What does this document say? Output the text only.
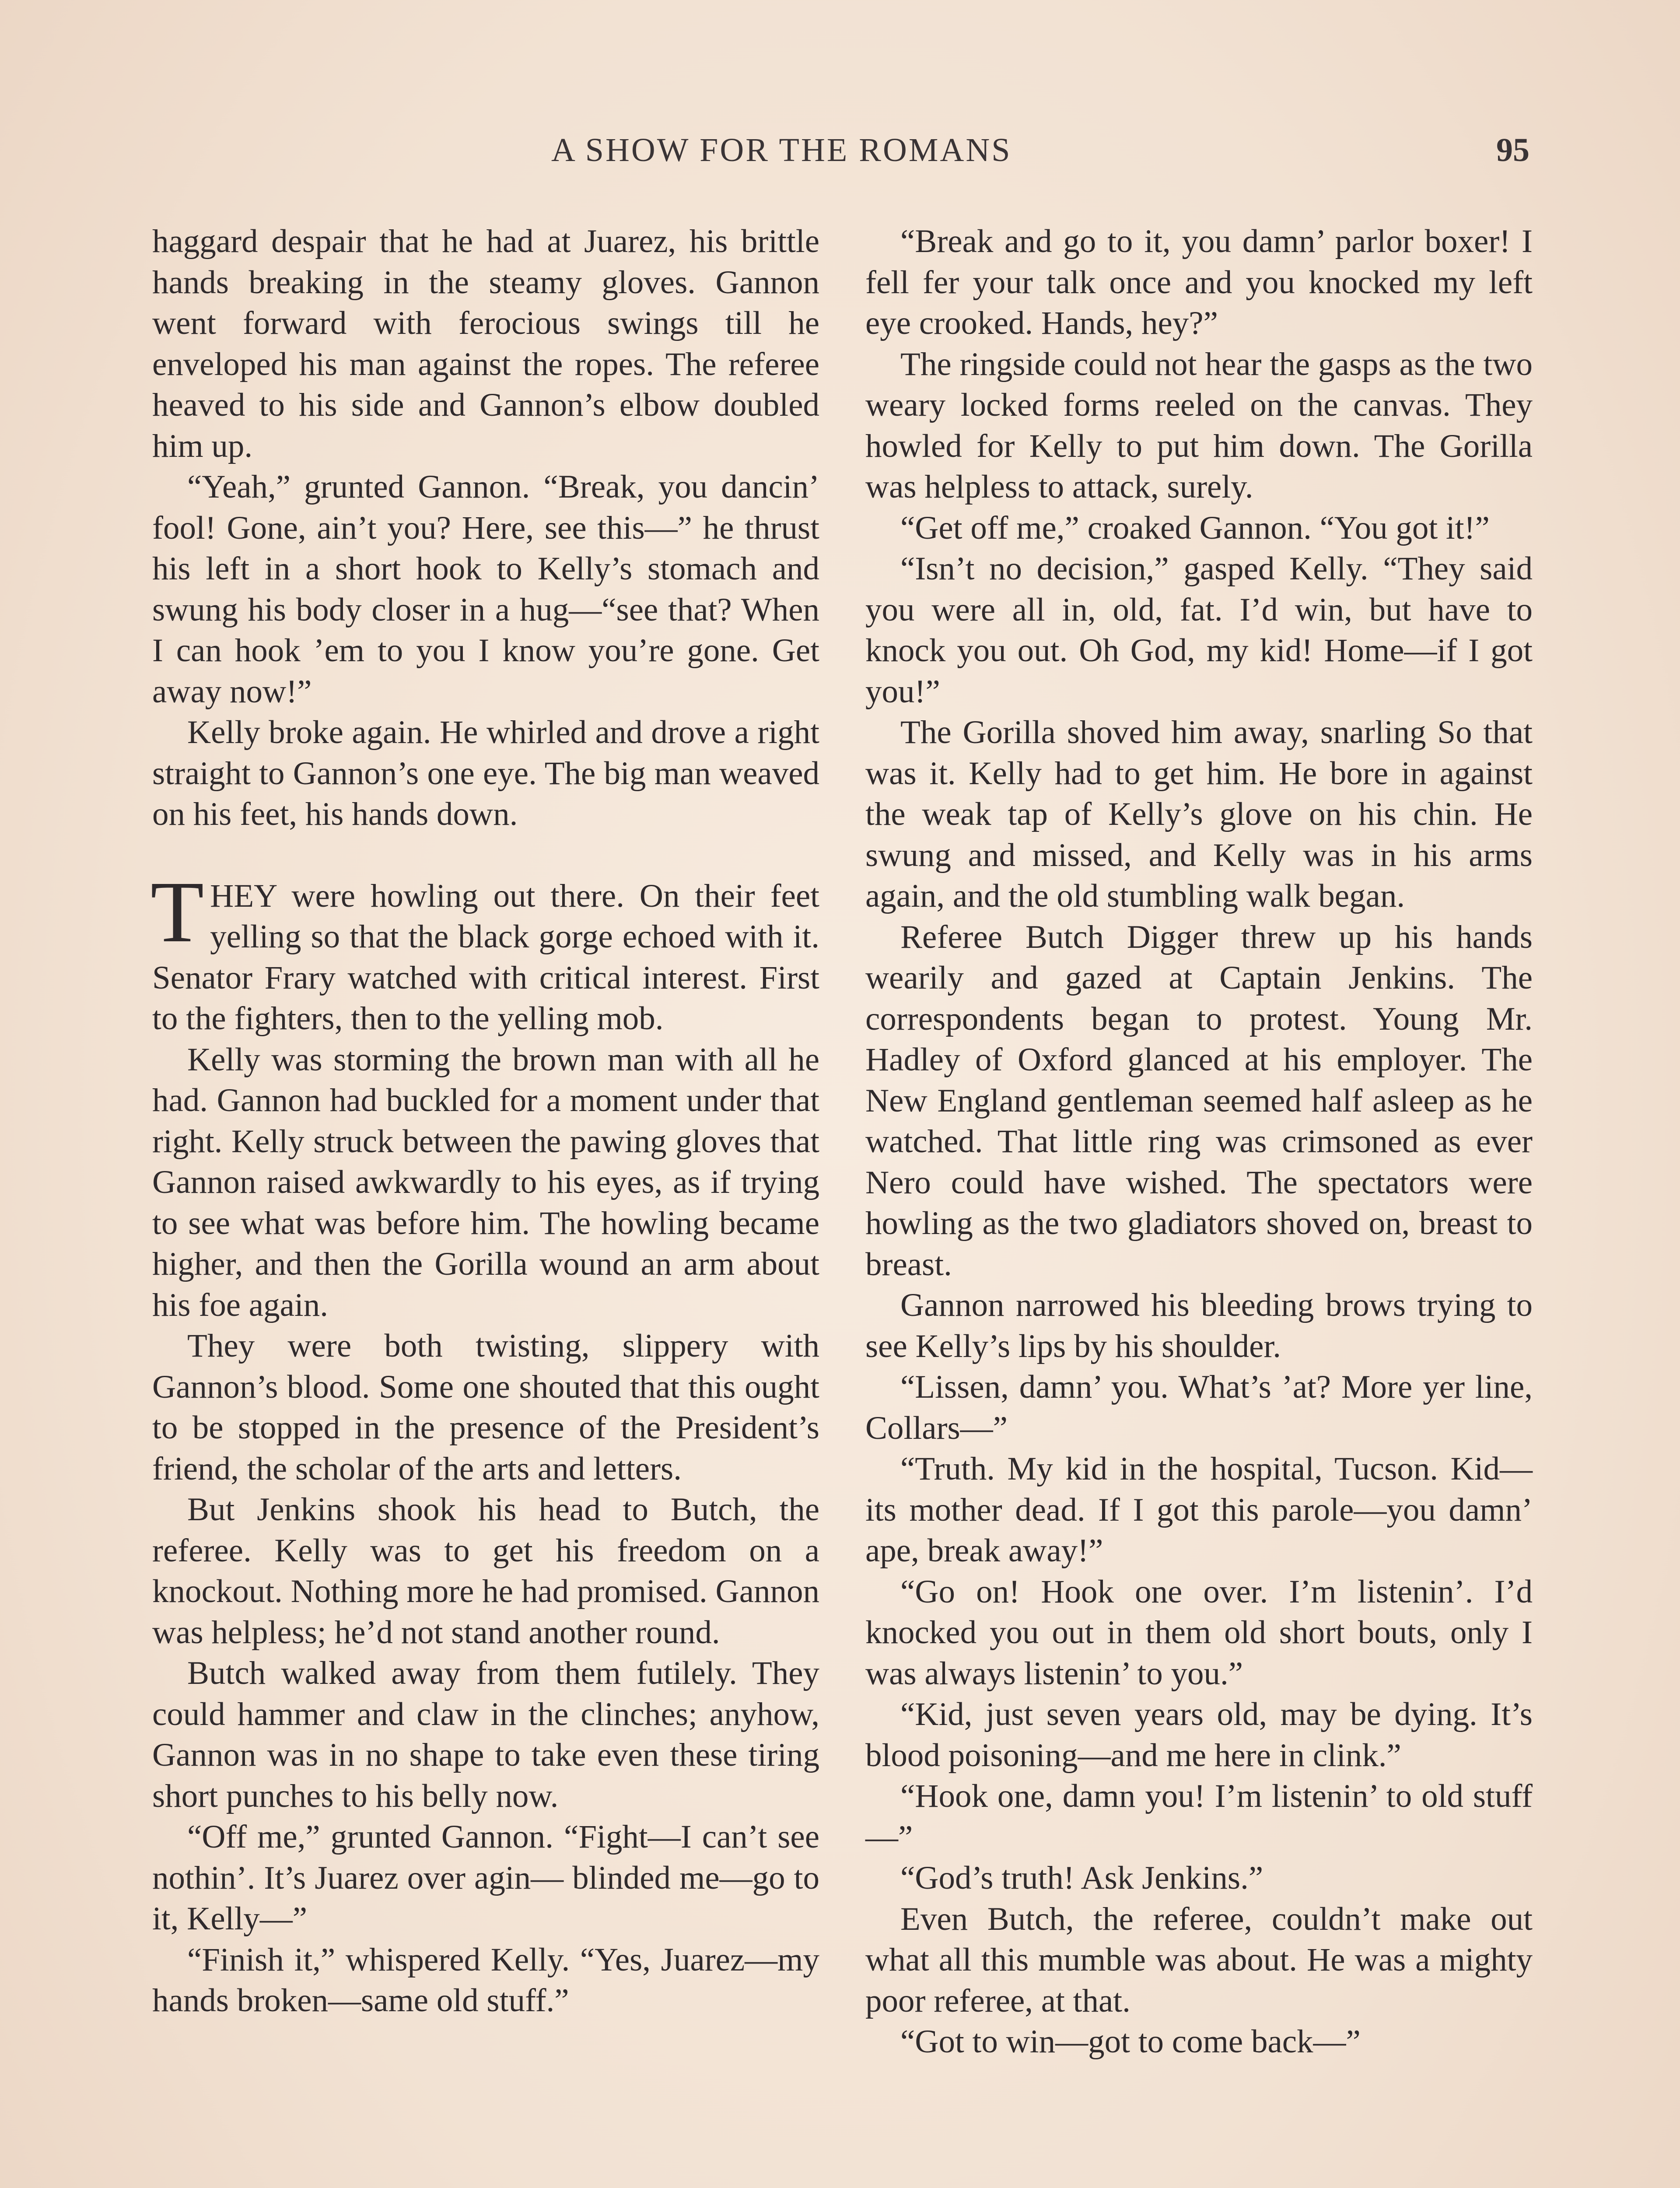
A SHOW FOR THE ROMANS	95

haggard despair that he had at Juarez, his brittle hands breaking in the steamy gloves. Gannon went forward with ferocious swings till he enveloped his man against the ropes. The referee heaved to his side and Gannon’s elbow doubled him up.

“Yeah,” grunted Gannon. “Break, you dancin’ fool! Gone, ain’t you? Here, see this—” he thrust his left in a short hook to Kelly’s stomach and swung his body closer in a hug—“see that? When I can hook ’em to you I know you’re gone. Get away now!”

Kelly broke again. He whirled and drove a right straight to Gannon’s one eye. The big man weaved on his feet, his hands down.

THEY were howling out there. On their feet yelling so that the black gorge echoed with it. Senator Frary watched with critical interest. First to the fighters, then to the yelling mob.

Kelly was storming the brown man with all he had. Gannon had buckled for a moment under that right. Kelly struck between the pawing gloves that Gannon raised awkwardly to his eyes, as if trying to see what was before him. The howling became higher, and then the Gorilla wound an arm about his foe again.

They were both twisting, slippery with Gannon’s blood. Some one shouted that this ought to be stopped in the presence of the President’s friend, the scholar of the arts and letters.

But Jenkins shook his head to Butch, the referee. Kelly was to get his freedom on a knockout. Nothing more he had promised. Gannon was helpless; he’d not stand another round.

Butch walked away from them futilely. They could hammer and claw in the clinches; anyhow, Gannon was in no shape to take even these tiring short punches to his belly now.

“Off me,” grunted Gannon. “Fight—I can’t see nothin’. It’s Juarez over agin— blinded me—go to it, Kelly—”

“Finish it,” whispered Kelly. “Yes, Juarez—my hands broken—same old stuff.”

“Break and go to it, you damn’ parlor boxer! I fell fer your talk once and you knocked my left eye crooked. Hands, hey?”

The ringside could not hear the gasps as the two weary locked forms reeled on the canvas. They howled for Kelly to put him down. The Gorilla was helpless to attack, surely.

“Get off me,” croaked Gannon. “You got it!”

“Isn’t no decision,” gasped Kelly. “They said you were all in, old, fat. I’d win, but have to knock you out. Oh God, my kid! Home—if I got you!”

The Gorilla shoved him away, snarling So that was it. Kelly had to get him. He bore in against the weak tap of Kelly’s glove on his chin. He swung and missed, and Kelly was in his arms again, and the old stumbling walk began.

Referee Butch Digger threw up his hands wearily and gazed at Captain Jenkins. The correspondents began to protest. Young Mr. Hadley of Oxford glanced at his employer. The New England gentleman seemed half asleep as he watched. That little ring was crimsoned as ever Nero could have wished. The spectators were howling as the two gladiators shoved on, breast to breast.

Gannon narrowed his bleeding brows trying to see Kelly’s lips by his shoulder.

“Lissen, damn’ you. What’s ’at? More yer line, Collars—”

“Truth. My kid in the hospital, Tucson. Kid—its mother dead. If I got this parole—you damn’ ape, break away!”

“Go on! Hook one over. I’m listenin’. I’d knocked you out in them old short bouts, only I was always listenin’ to you.”

“Kid, just seven years old, may be dying. It’s blood poisoning—and me here in clink.”

“Hook one, damn you! I’m listenin’ to old stuff—”

“God’s truth! Ask Jenkins.”

Even Butch, the referee, couldn’t make out what all this mumble was about. He was a mighty poor referee, at that.

“Got to win—got to come back—”
